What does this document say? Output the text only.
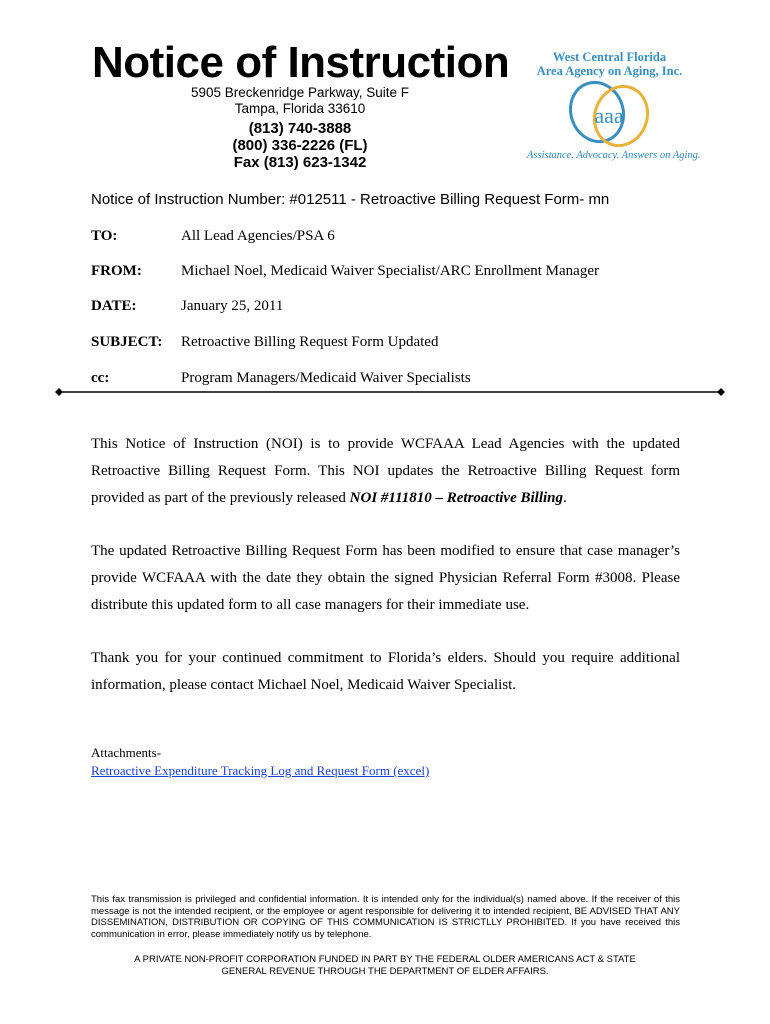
Notice of Instruction
5905 Breckenridge Parkway, Suite F
Tampa, Florida 33610
(813) 740-3888
(800) 336-2226 (FL)
Fax (813) 623-1342
West Central Florida
Area Agency on Aging, Inc.
aaa
Assistance. Advocacy. Answers on Aging.
Notice of Instruction Number: #012511 - Retroactive Billing Request Form- mn
TO:	All Lead Agencies/PSA 6
FROM:	Michael Noel, Medicaid Waiver Specialist/ARC Enrollment Manager
DATE:	January 25, 2011
SUBJECT: Retroactive Billing Request Form Updated
cc:	Program Managers/Medicaid Waiver Specialists
This Notice of Instruction (NOI) is to provide WCFAAA Lead Agencies with the updated Retroactive Billing Request Form. This NOI updates the Retroactive Billing Request form provided as part of the previously released NOI #111810 – Retroactive Billing.
The updated Retroactive Billing Request Form has been modified to ensure that case manager’s provide WCFAAA with the date they obtain the signed Physician Referral Form #3008. Please distribute this updated form to all case managers for their immediate use.
Thank you for your continued commitment to Florida’s elders. Should you require additional information, please contact Michael Noel, Medicaid Waiver Specialist.
Attachments-
Retroactive Expenditure Tracking Log and Request Form (excel)
This fax transmission is privileged and confidential information. It is intended only for the individual(s) named above. If the receiver of this message is not the intended recipient, or the employee or agent responsible for delivering it to intended recipient, BE ADVISED THAT ANY DISSEMINATION, DISTRIBUTION OR COPYING OF THIS COMMUNICATION IS STRICTLLY PROHIBITED. If you have received this communication in error, please immediately notify us by telephone.
A PRIVATE NON-PROFIT CORPORATION FUNDED IN PART BY THE FEDERAL OLDER AMERICANS ACT & STATE
GENERAL REVENUE THROUGH THE DEPARTMENT OF ELDER AFFAIRS.
